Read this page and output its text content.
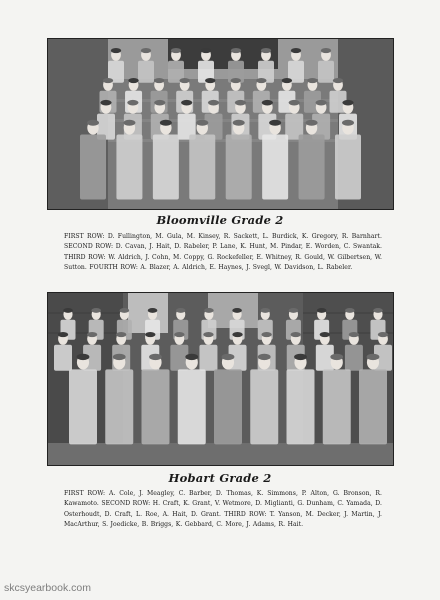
Bloomville Grade 2
FIRST ROW: D. Fullington, M. Gula, M. Kinsey, R. Sackett, L. Burdick, K. Gregory, R. Barnhart. SECOND ROW: D. Cavan, J. Hait, D. Rabeler, P. Lane, K. Hunt, M. Pindar, E. Worden, C. Swantak. THIRD ROW: W. Aldrich, J. Cohn, M. Coppy, G. Rockefeller, E. Whitney, R. Gould, W. Gilbertsen, W. Sutton. FOURTH ROW: A. Blazer, A. Aldrich, E. Haynes, J. Svegl, W. Davidson, L. Rabeler.
Hobart Grade 2
FIRST ROW: A. Cole, J. Meagley, C. Barber, D. Thomas, K. Simmons, P. Alton, G. Bronson, R. Kawamoto. SECOND ROW: H. Craft, K. Grant, V. Wetmore, D. Miglianti, G. Dunham, C. Yamada, D. Osterhoudt, D. Craft, L. Roe, A. Hait, D. Grant. THIRD ROW: T. Yanson, M. Decker, J. Martin, J. MacArthur, S. Joedicke, B. Briggs, K. Gebbard, C. More, J. Adams, R. Hait.
skcsyearbook.com
